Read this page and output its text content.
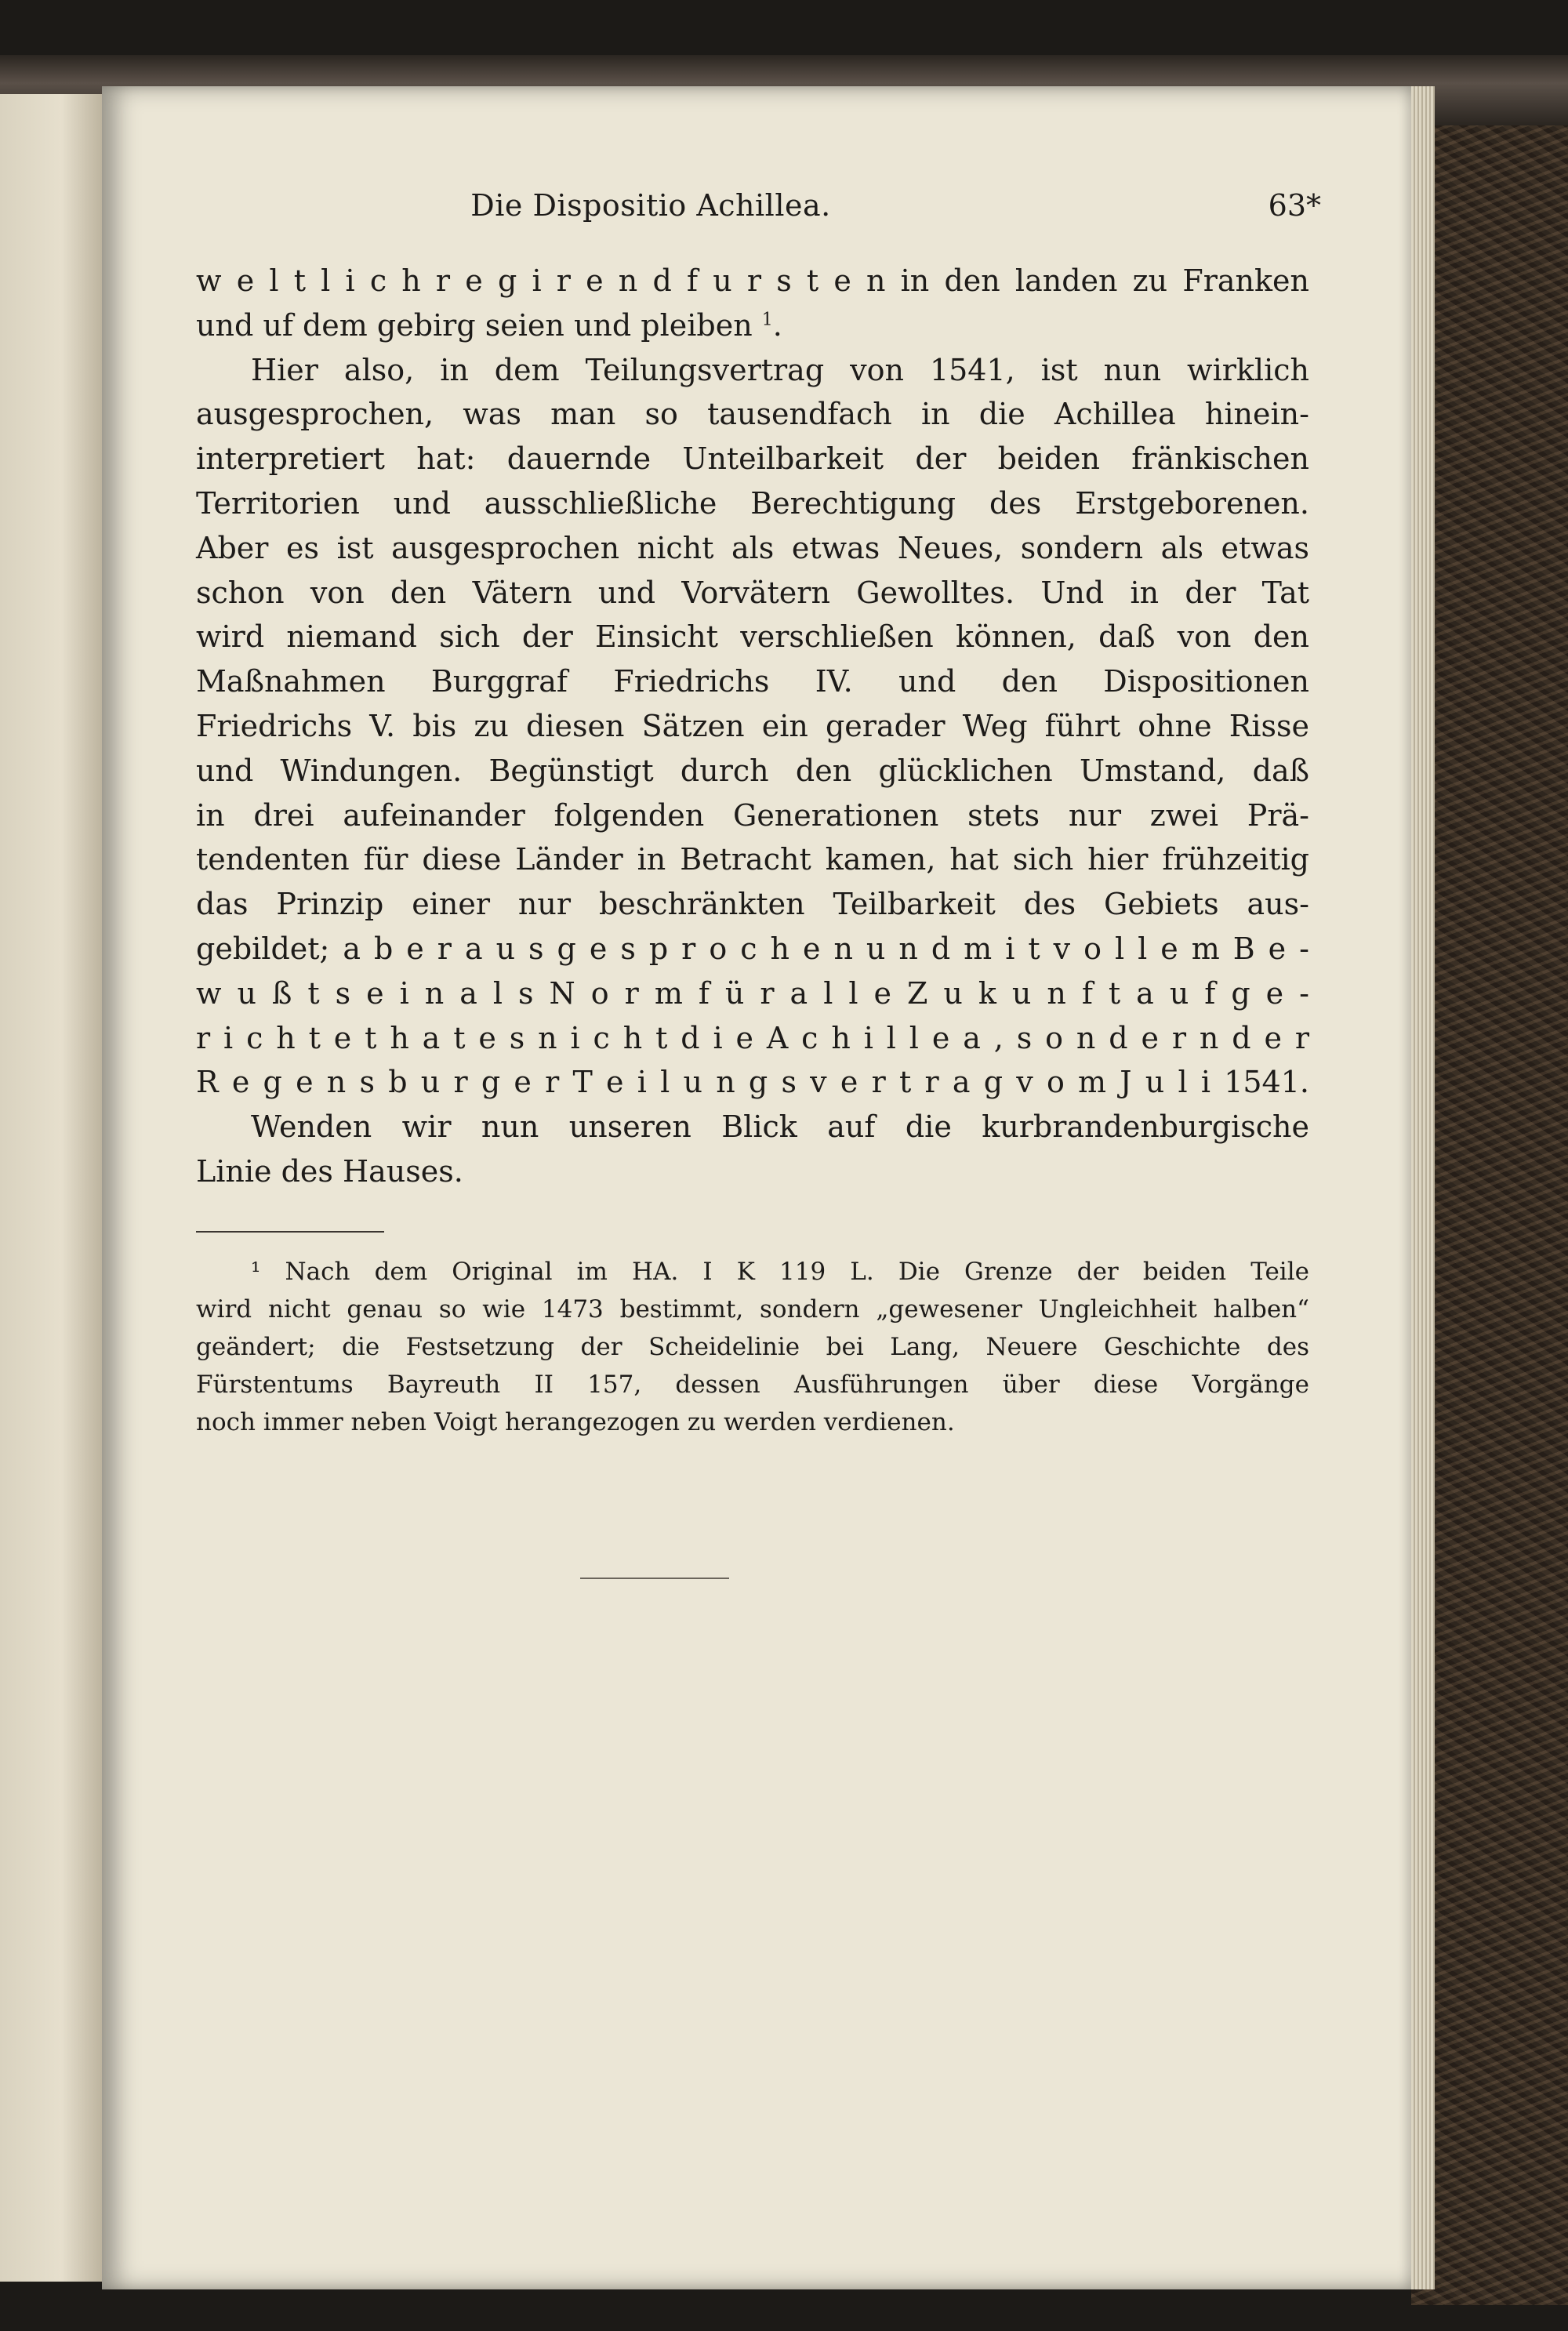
Die Dispositio Achillea.	63*
w e l t l i c h r e g i r e n d f u r s t e n in den landen zu Franken
und uf dem gebirg seien und pleiben $^1$.
Hier also, in dem Teilungsvertrag von 1541, ist nun wirklich
ausgesprochen, was man so tausendfach in die Achillea hinein-
interpretiert hat: dauernde Unteilbarkeit der beiden fränkischen
Territorien und ausschließliche Berechtigung des Erstgeborenen.
Aber es ist ausgesprochen nicht als etwas Neues, sondern als etwas
schon von den Vätern und Vorvätern Gewolltes. Und in der Tat
wird niemand sich der Einsicht verschließen können, daß von den
Maßnahmen Burggraf Friedrichs IV. und den Dispositionen
Friedrichs V. bis zu diesen Sätzen ein gerader Weg führt ohne Risse
und Windungen. Begünstigt durch den glücklichen Umstand, daß
in drei aufeinander folgenden Generationen stets nur zwei Prä-
tendenten für diese Länder in Betracht kamen, hat sich hier frühzeitig
das Prinzip einer nur beschränkten Teilbarkeit des Gebiets aus-
gebildet; a b e r a u s g e s p r o c h e n u n d m i t v o l l e m B e -
w u ß t s e i n a l s N o r m f ü r a l l e Z u k u n f t a u f g e -
r i c h t e t h a t e s n i c h t d i e A c h i l l e a , s o n d e r n d e r
R e g e n s b u r g e r T e i l u n g s v e r t r a g v o m J u l i 1541.
Wenden wir nun unseren Blick auf die kurbrandenburgische
Linie des Hauses.
¹ Nach dem Original im HA. I K 119 L. Die Grenze der beiden Teile
wird nicht genau so wie 1473 bestimmt, sondern „gewesener Ungleichheit halben“
geändert; die Festsetzung der Scheidelinie bei Lang, Neuere Geschichte des
Fürstentums Bayreuth II 157, dessen Ausführungen über diese Vorgänge
noch immer neben Voigt herangezogen zu werden verdienen.
